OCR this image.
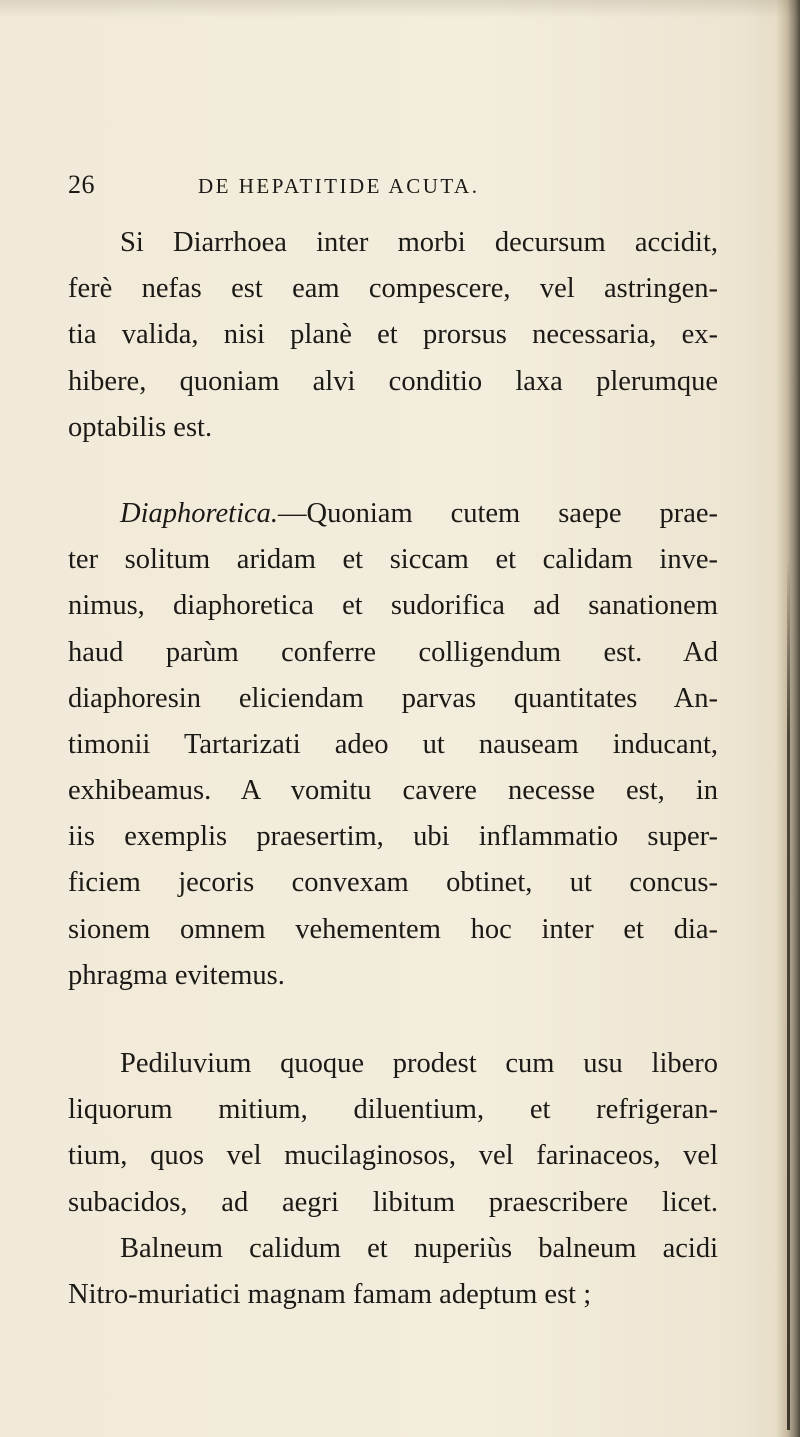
26	DE HEPATITIDE ACUTA.
Si Diarrhoea inter morbi decursum accidit,
ferè nefas est eam compescere, vel astringen-
tia valida, nisi planè et prorsus necessaria, ex-
hibere, quoniam alvi conditio laxa plerumque
optabilis est.
Diaphoretica.—Quoniam cutem saepe prae-
ter solitum aridam et siccam et calidam inve-
nimus, diaphoretica et sudorifica ad sanationem
haud parùm conferre colligendum est. Ad
diaphoresin eliciendam parvas quantitates An-
timonii Tartarizati adeo ut nauseam inducant,
exhibeamus. A vomitu cavere necesse est, in
iis exemplis praesertim, ubi inflammatio super-
ficiem jecoris convexam obtinet, ut concus-
sionem omnem vehementem hoc inter et dia-
phragma evitemus.
Pediluvium quoque prodest cum usu libero
liquorum mitium, diluentium, et refrigeran-
tium, quos vel mucilaginosos, vel farinaceos, vel
subacidos, ad aegri libitum praescribere licet.
Balneum calidum et nuperiùs balneum acidi
Nitro-muriatici magnam famam adeptum est ;
